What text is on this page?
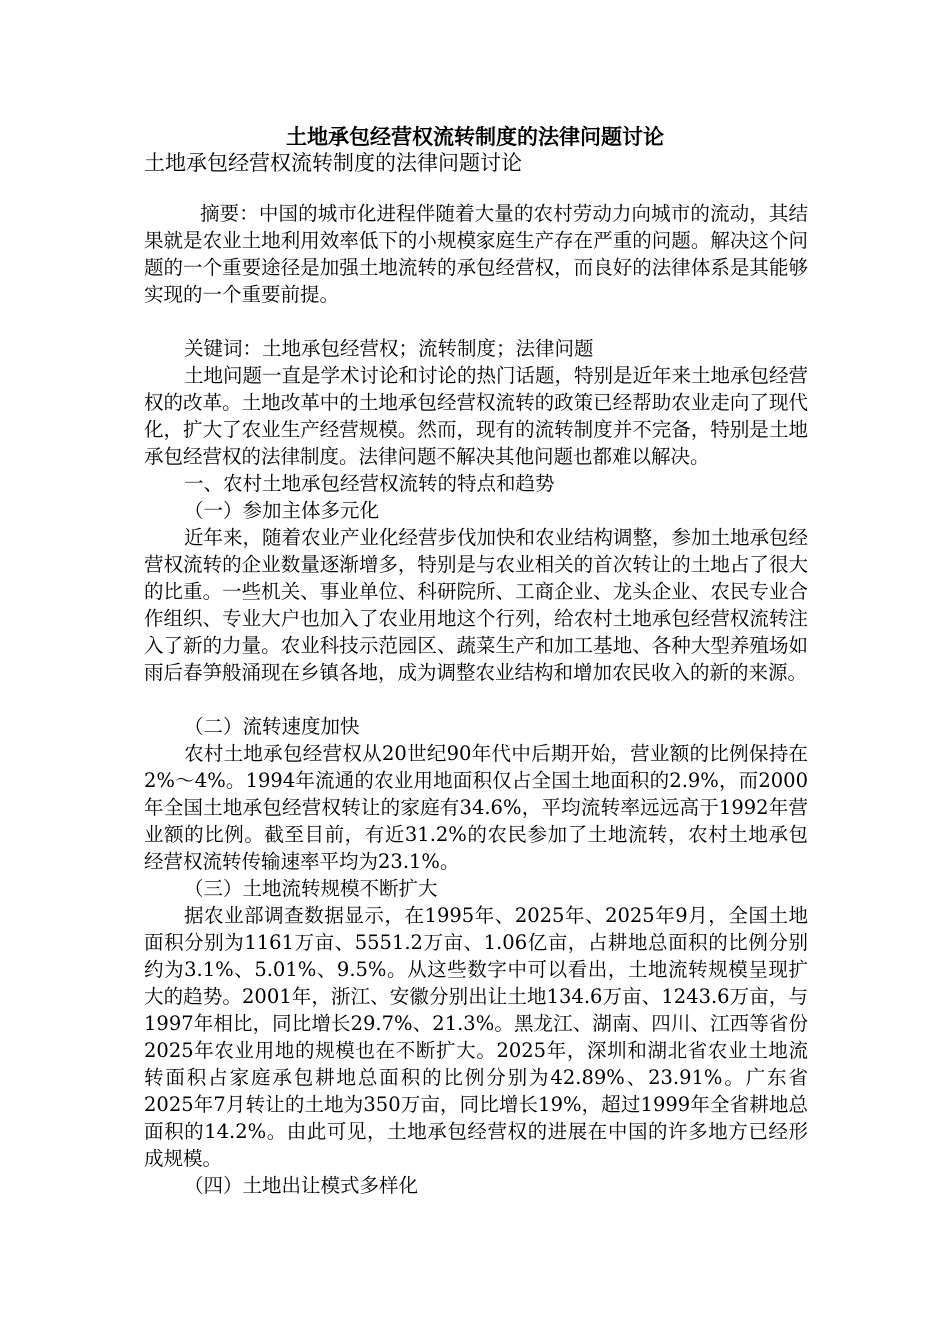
土地承包经营权流转制度的法律问题讨论
土地承包经营权流转制度的法律问题讨论

摘要：中国的城市化进程伴随着大量的农村劳动力向城市的流动，其结果就是农业土地利用效率低下的小规模家庭生产存在严重的问题。解决这个问题的一个重要途径是加强土地流转的承包经营权，而良好的法律体系是其能够实现的一个重要前提。

关键词：土地承包经营权；流转制度；法律问题

土地问题一直是学术讨论和讨论的热门话题，特别是近年来土地承包经营权的改革。土地改革中的土地承包经营权流转的政策已经帮助农业走向了现代化，扩大了农业生产经营规模。然而，现有的流转制度并不完备，特别是土地承包经营权的法律制度。法律问题不解决其他问题也都难以解决。

一、农村土地承包经营权流转的特点和趋势

（一）参加主体多元化

近年来，随着农业产业化经营步伐加快和农业结构调整，参加土地承包经营权流转的企业数量逐渐增多，特别是与农业相关的首次转让的土地占了很大的比重。一些机关、事业单位、科研院所、工商企业、龙头企业、农民专业合作组织、专业大户也加入了农业用地这个行列，给农村土地承包经营权流转注入了新的力量。农业科技示范园区、蔬菜生产和加工基地、各种大型养殖场如雨后春笋般涌现在乡镇各地，成为调整农业结构和增加农民收入的新的来源。

（二）流转速度加快

农村土地承包经营权从20世纪90年代中后期开始，营业额的比例保持在2%～4%。1994年流通的农业用地面积仅占全国土地面积的2.9%，而2000年全国土地承包经营权转让的家庭有34.6%，平均流转率远远高于1992年营业额的比例。截至目前，有近31.2%的农民参加了土地流转，农村土地承包经营权流转传输速率平均为23.1%。

（三）土地流转规模不断扩大

据农业部调查数据显示，在1995年、2025年、2025年9月，全国土地面积分别为1161万亩、5551.2万亩、1.06亿亩，占耕地总面积的比例分别约为3.1%、5.01%、9.5%。从这些数字中可以看出，土地流转规模呈现扩大的趋势。2001年，浙江、安徽分别出让土地134.6万亩、1243.6万亩，与1997年相比，同比增长29.7%、21.3%。黑龙江、湖南、四川、江西等省份2025年农业用地的规模也在不断扩大。2025年，深圳和湖北省农业土地流转面积占家庭承包耕地总面积的比例分别为42.89%、23.91%。广东省2025年7月转让的土地为350万亩，同比增长19%，超过1999年全省耕地总面积的14.2%。由此可见，土地承包经营权的进展在中国的许多地方已经形成规模。

（四）土地出让模式多样化
